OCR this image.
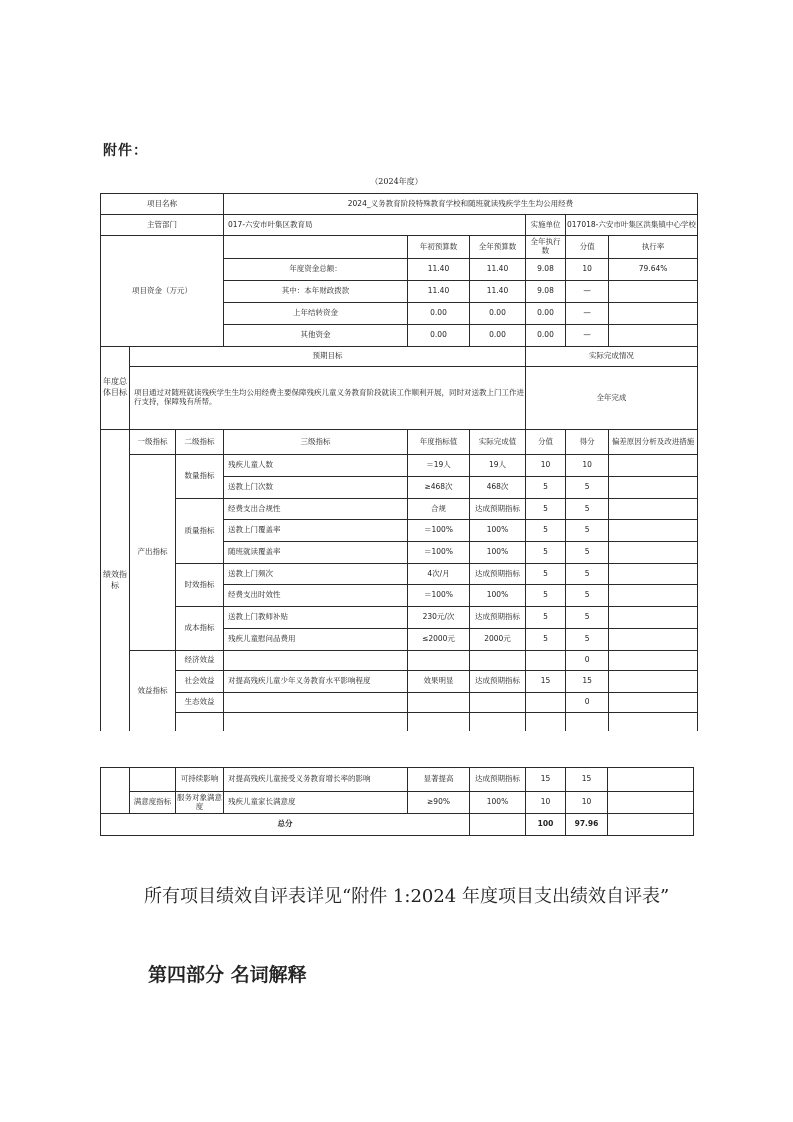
附件：
（2024年度）
项目名称			2024_义务教育阶段特殊教育学校和随班就读残疾学生生均公用经费					
主管部门			017-六安市叶集区教育局			实施单位	017018-六安市叶集区洪集镇中心学校	
项目资金（万元）				年初预算数	全年预算数	全年执行数	分值	执行率
			年度资金总额：	11.40	11.40	9.08	10	79.64%
			其中：本年财政拨款	11.40	11.40	9.08	—	
			上年结转资金	0.00	0.00	0.00	—	
			其他资金	0.00	0.00	0.00	—	
年度总体目标	预期目标					实际完成情况		
	项目通过对随班就读残疾学生生均公用经费主要保障残疾儿童义务教育阶段就读工作顺利开展，同时对送教上门工作进行支持，保障残有所帮。					全年完成		
绩效指标	一级指标	二级指标	三级指标	年度指标值	实际完成值	分值	得分	偏差原因分析及改进措施
	产出指标	数量指标	残疾儿童人数	＝19人	19人	10	10	
			送教上门次数	≥468次	468次	5	5	
		质量指标	经费支出合规性	合规	达成预期指标	5	5	
			送教上门覆盖率	＝100%	100%	5	5	
			随班就读覆盖率	＝100%	100%	5	5	
		时效指标	送教上门频次	4次/月	达成预期指标	5	5	
			经费支出时效性	＝100%	100%	5	5	
		成本指标	送教上门教师补贴	230元/次	达成预期指标	5	5	
			残疾儿童慰问品费用	≤2000元	2000元	5	5	
	效益指标	经济效益					0	
		社会效益	对提高残疾儿童少年义务教育水平影响程度	效果明显	达成预期指标	15	15	
		生态效益					0	

		可持续影响	对提高残疾儿童接受义务教育增长率的影响	显著提高	达成预期指标	15	15	
	满意度指标	服务对象满意度	残疾儿童家长满意度	≥90%	100%	10	10	
总分						100	97.96	
所有项目绩效自评表详见“附件 1:2024 年度项目支出绩效自评表”
第四部分 名词解释
